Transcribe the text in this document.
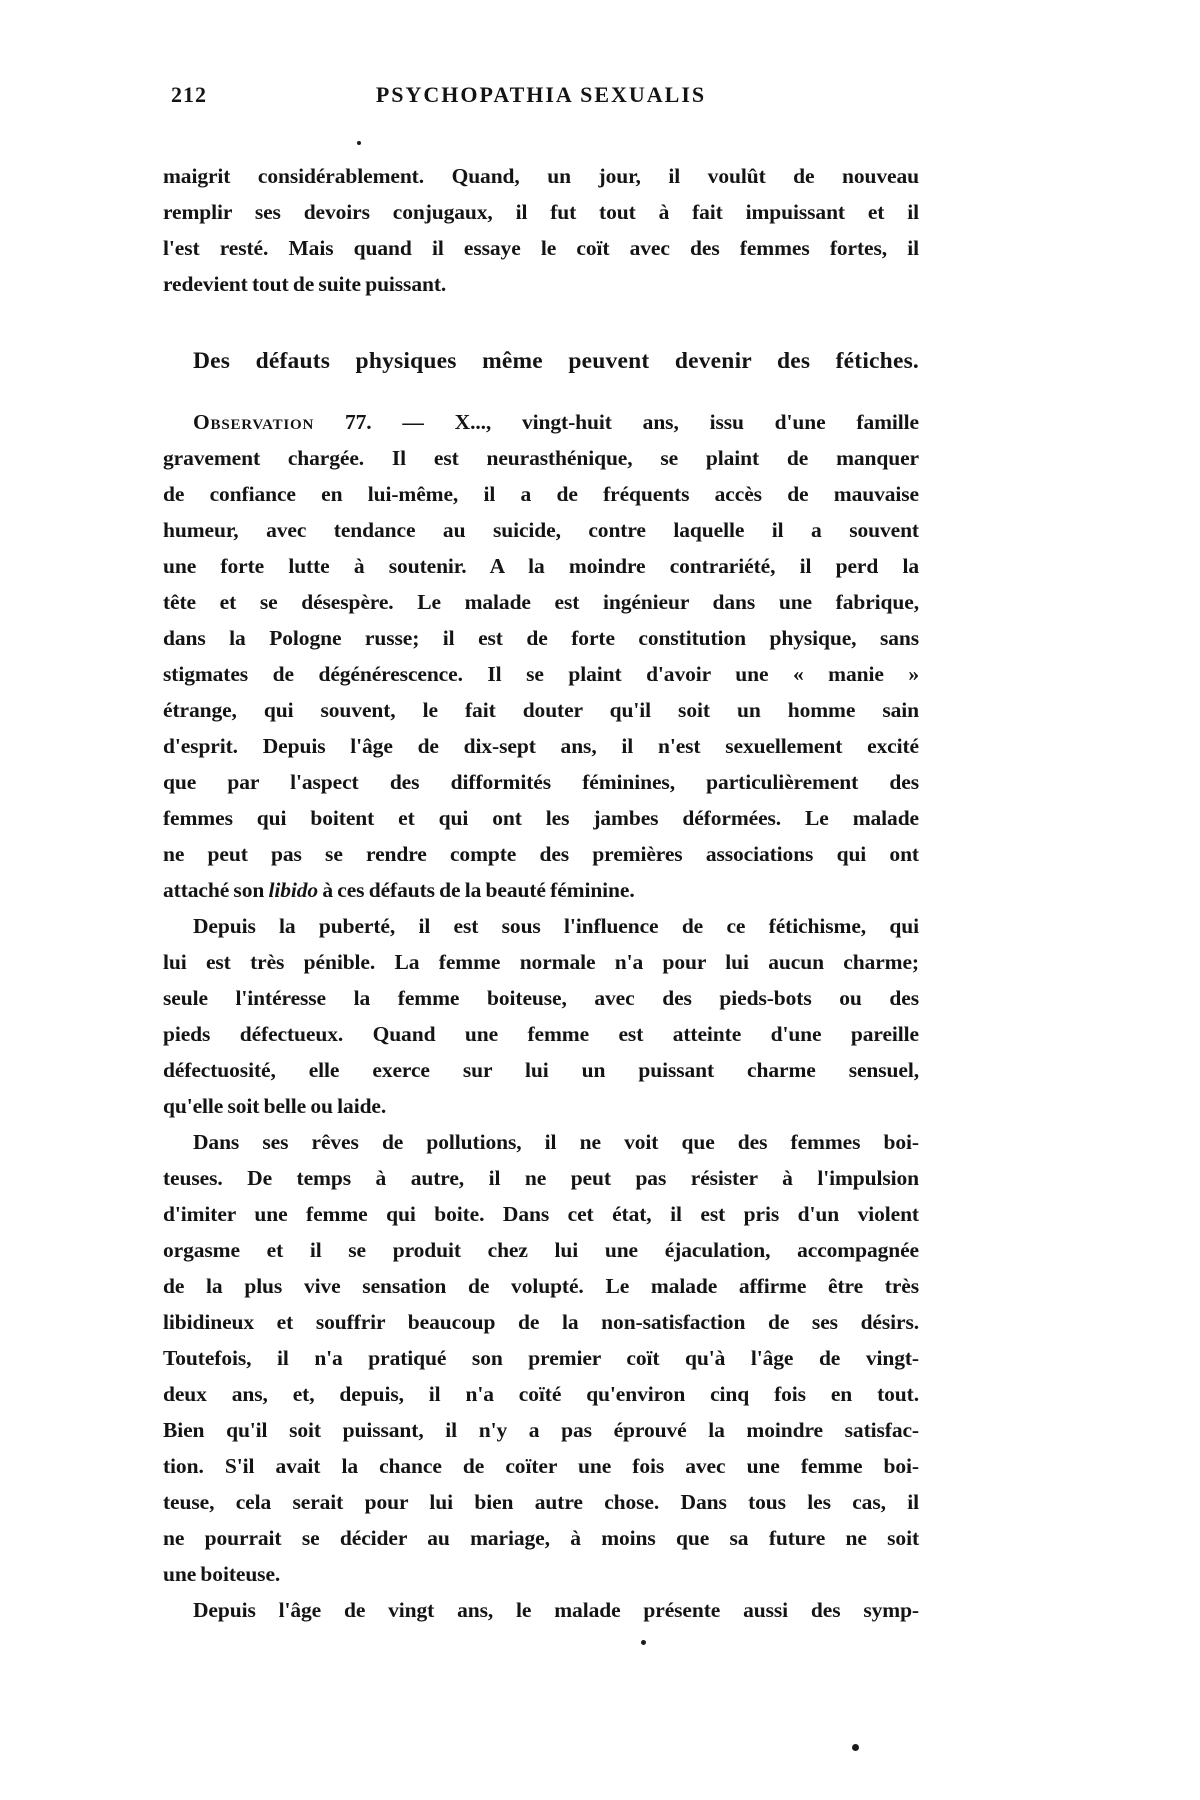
212	PSYCHOPATHIA SEXUALIS
maigrit considérablement. Quand, un jour, il voulût de nouveau
remplir ses devoirs conjugaux, il fut tout à fait impuissant et il
l'est resté. Mais quand il essaye le coït avec des femmes fortes, il
redevient tout de suite puissant.
Des défauts physiques même peuvent devenir des fétiches.
Observation 77. — X..., vingt-huit ans, issu d'une famille
gravement chargée. Il est neurasthénique, se plaint de manquer
de confiance en lui-même, il a de fréquents accès de mauvaise
humeur, avec tendance au suicide, contre laquelle il a souvent
une forte lutte à soutenir. A la moindre contrariété, il perd la
tête et se désespère. Le malade est ingénieur dans une fabrique,
dans la Pologne russe; il est de forte constitution physique, sans
stigmates de dégénérescence. Il se plaint d'avoir une « manie »
étrange, qui souvent, le fait douter qu'il soit un homme sain
d'esprit. Depuis l'âge de dix-sept ans, il n'est sexuellement excité
que par l'aspect des difformités féminines, particulièrement des
femmes qui boitent et qui ont les jambes déformées. Le malade
ne peut pas se rendre compte des premières associations qui ont
attaché son libido à ces défauts de la beauté féminine.
Depuis la puberté, il est sous l'influence de ce fétichisme, qui
lui est très pénible. La femme normale n'a pour lui aucun charme;
seule l'intéresse la femme boiteuse, avec des pieds-bots ou des
pieds défectueux. Quand une femme est atteinte d'une pareille
défectuosité, elle exerce sur lui un puissant charme sensuel,
qu'elle soit belle ou laide.
Dans ses rêves de pollutions, il ne voit que des femmes boi-
teuses. De temps à autre, il ne peut pas résister à l'impulsion
d'imiter une femme qui boite. Dans cet état, il est pris d'un violent
orgasme et il se produit chez lui une éjaculation, accompagnée
de la plus vive sensation de volupté. Le malade affirme être très
libidineux et souffrir beaucoup de la non-satisfaction de ses désirs.
Toutefois, il n'a pratiqué son premier coït qu'à l'âge de vingt-
deux ans, et, depuis, il n'a coïté qu'environ cinq fois en tout.
Bien qu'il soit puissant, il n'y a pas éprouvé la moindre satisfac-
tion. S'il avait la chance de coïter une fois avec une femme boi-
teuse, cela serait pour lui bien autre chose. Dans tous les cas, il
ne pourrait se décider au mariage, à moins que sa future ne soit
une boiteuse.
Depuis l'âge de vingt ans, le malade présente aussi des symp-
